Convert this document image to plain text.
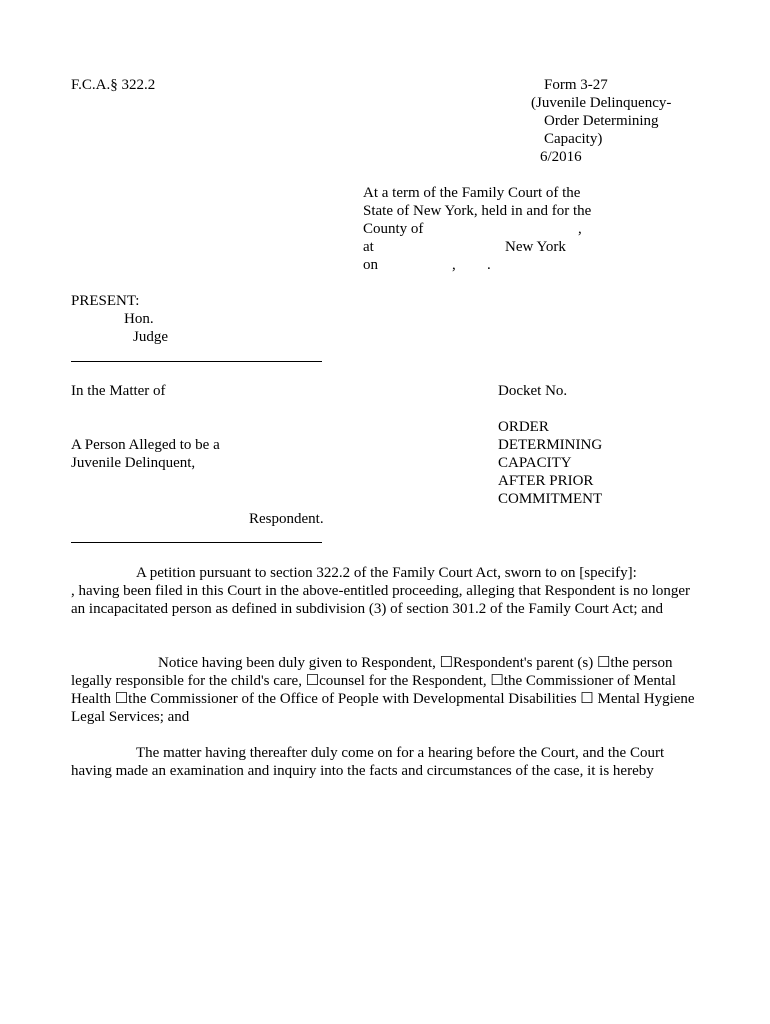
F.C.A.§ 322.2	Form 3-27
(Juvenile Delinquency-
Order Determining
Capacity)
6/2016
At a term of the Family Court of the
State of New York, held in and for the
County of	,
at	New York
on	, .
PRESENT:
Hon.
Judge
In the Matter of	Docket No.
A Person Alleged to be a
Juvenile Delinquent,
ORDER
DETERMINING
CAPACITY
AFTER PRIOR
COMMITMENT
Respondent.
A petition pursuant to section 322.2 of the Family Court Act, sworn to on [specify]:
, having been filed in this Court in the above-entitled proceeding, alleging that Respondent is no longer an incapacitated person as defined in subdivision (3) of section 301.2 of the Family Court Act; and
Notice having been duly given to Respondent, ☐Respondent's parent (s) ☐the person legally responsible for the child's care, ☐counsel for the Respondent, ☐the Commissioner of Mental Health ☐the Commissioner of the Office of People with Developmental Disabilities ☐ Mental Hygiene Legal Services; and
The matter having thereafter duly come on for a hearing before the Court, and the Court having made an examination and inquiry into the facts and circumstances of the case, it is hereby
